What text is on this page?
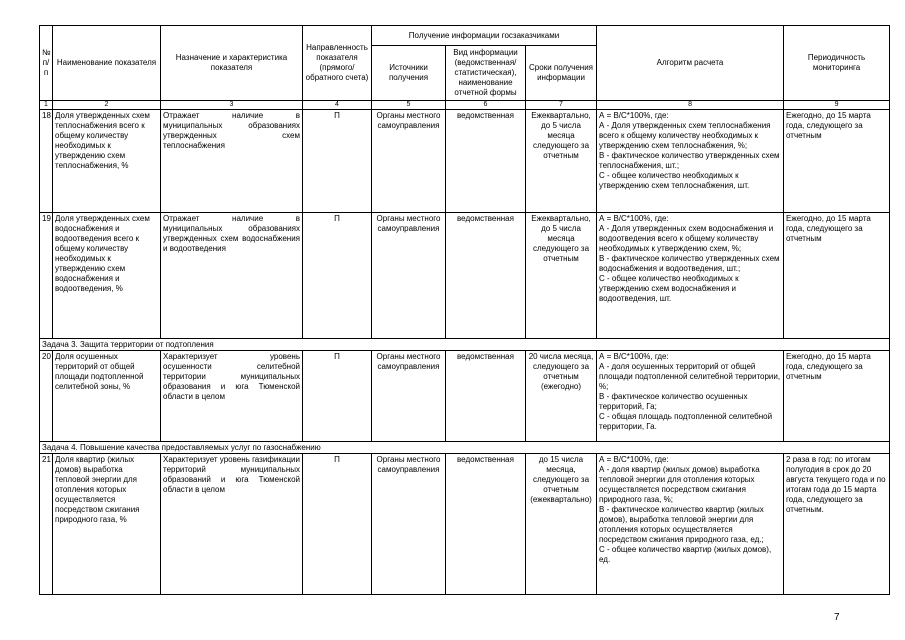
№ п/п	Наименование показателя	Назначение и характеристика показателя	Направленность показателя (прямого/ обратного счета)	Получение информации госзаказчиками			Алгоритм расчета	Периодичность мониторинга
				Источники получения	Вид информации (ведомственная/ статистическая), наименование отчетной формы	Сроки получения информации		
1	2	3	4	5	6	7	8	9
18	Доля утвержденных схем теплоснабжения всего к общему количеству необходимых к утверждению схем теплоснабжения, %	Отражает наличие в муниципальных образованиях утвержденных схем теплоснабжения	П	Органы местного самоуправления	ведомственная	Ежеквартально, до 5 числа месяца следующего за отчетным	А = В/С*100%, где:
А - Доля утвержденных схем теплоснабжения всего к общему количеству необходимых к утверждению схем теплоснабжения, %;
В - фактическое количество утвержденных схем теплоснабжения, шт.;
С - общее количество необходимых к утверждению схем теплоснабжения, шт.	Ежегодно, до 15 марта года, следующего за отчетным
19	Доля утвержденных схем водоснабжения и водоотведения всего к общему количеству необходимых к утверждению схем водоснабжения и водоотведения, %	Отражает наличие в муниципальных образованиях утвержденных схем водоснабжения и водоотведения	П	Органы местного самоуправления	ведомственная	Ежеквартально, до 5 числа месяца следующего за отчетным	А = В/С*100%, где:
А - Доля утвержденных схем водоснабжения и водоотведения всего к общему количеству необходимых к утверждению схем, %;
В - фактическое количество утвержденных схем водоснабжения и водоотведения, шт.;
С - общее количество необходимых к утверждению схем водоснабжения и водоотведения, шт.	Ежегодно, до 15 марта года, следующего за отчетным
Задача 3. Защита территории от подтопления								
20	Доля осушенных территорий от общей площади подтопленной селитебной зоны, %	Характеризует уровень осушенности селитебной территории муниципальных образования и юга Тюменской области в целом	П	Органы местного самоуправления	ведомственная	20 числа месяца, следующего за отчетным (ежегодно)	А = В/С*100%, где:
А - доля осушенных территорий от общей площади подтопленной селитебной территории, %;
В - фактическое количество осушенных территорий, Га;
С - общая площадь подтопленной селитебной территории, Га.	Ежегодно, до 15 марта года, следующего за отчетным
Задача 4. Повышение качества предоставляемых услуг по газоснабжению								
21	Доля квартир (жилых домов) выработка тепловой энергии для отопления которых осуществляется посредством сжигания природного газа, %	Характеризует уровень газификации территорий муниципальных образований и юга Тюменской области в целом	П	Органы местного самоуправления	ведомственная	до 15 числа месяца, следующего за отчетным (ежеквартально)	А = В/С*100%, где:
А - доля квартир (жилых домов) выработка тепловой энергии для отопления которых осуществляется посредством сжигания природного газа, %;
В - фактическое количество квартир (жилых домов), выработка тепловой энергии для отопления которых осуществляется посредством сжигания природного газа, ед.;
С - общее количество квартир (жилых домов), ед.	2 раза в год: по итогам полугодия в срок до 20 августа текущего года и по итогам года до 15 марта года, следующего за отчетным.
7
